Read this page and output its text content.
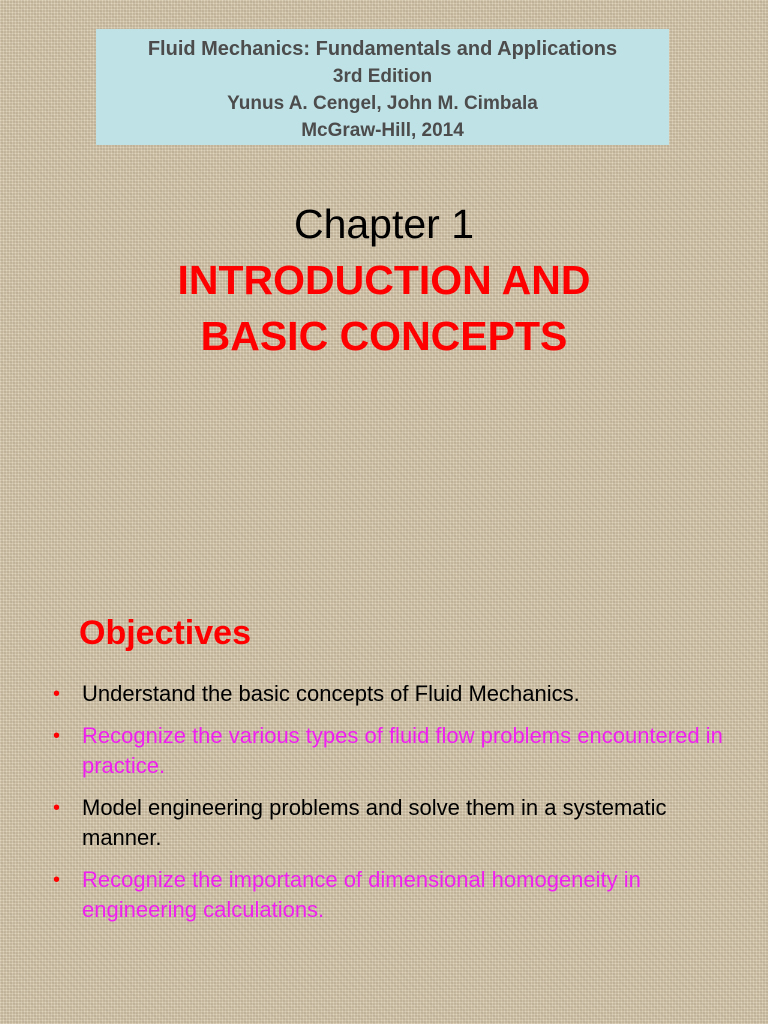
Fluid Mechanics: Fundamentals and Applications
3rd Edition
Yunus A. Cengel, John M. Cimbala
McGraw-Hill, 2014
Chapter 1
INTRODUCTION AND
BASIC CONCEPTS
Objectives
• Understand the basic concepts of Fluid Mechanics.
• Recognize the various types of fluid flow problems encountered in practice.
• Model engineering problems and solve them in a systematic manner.
• Recognize the importance of dimensional homogeneity in engineering calculations.
